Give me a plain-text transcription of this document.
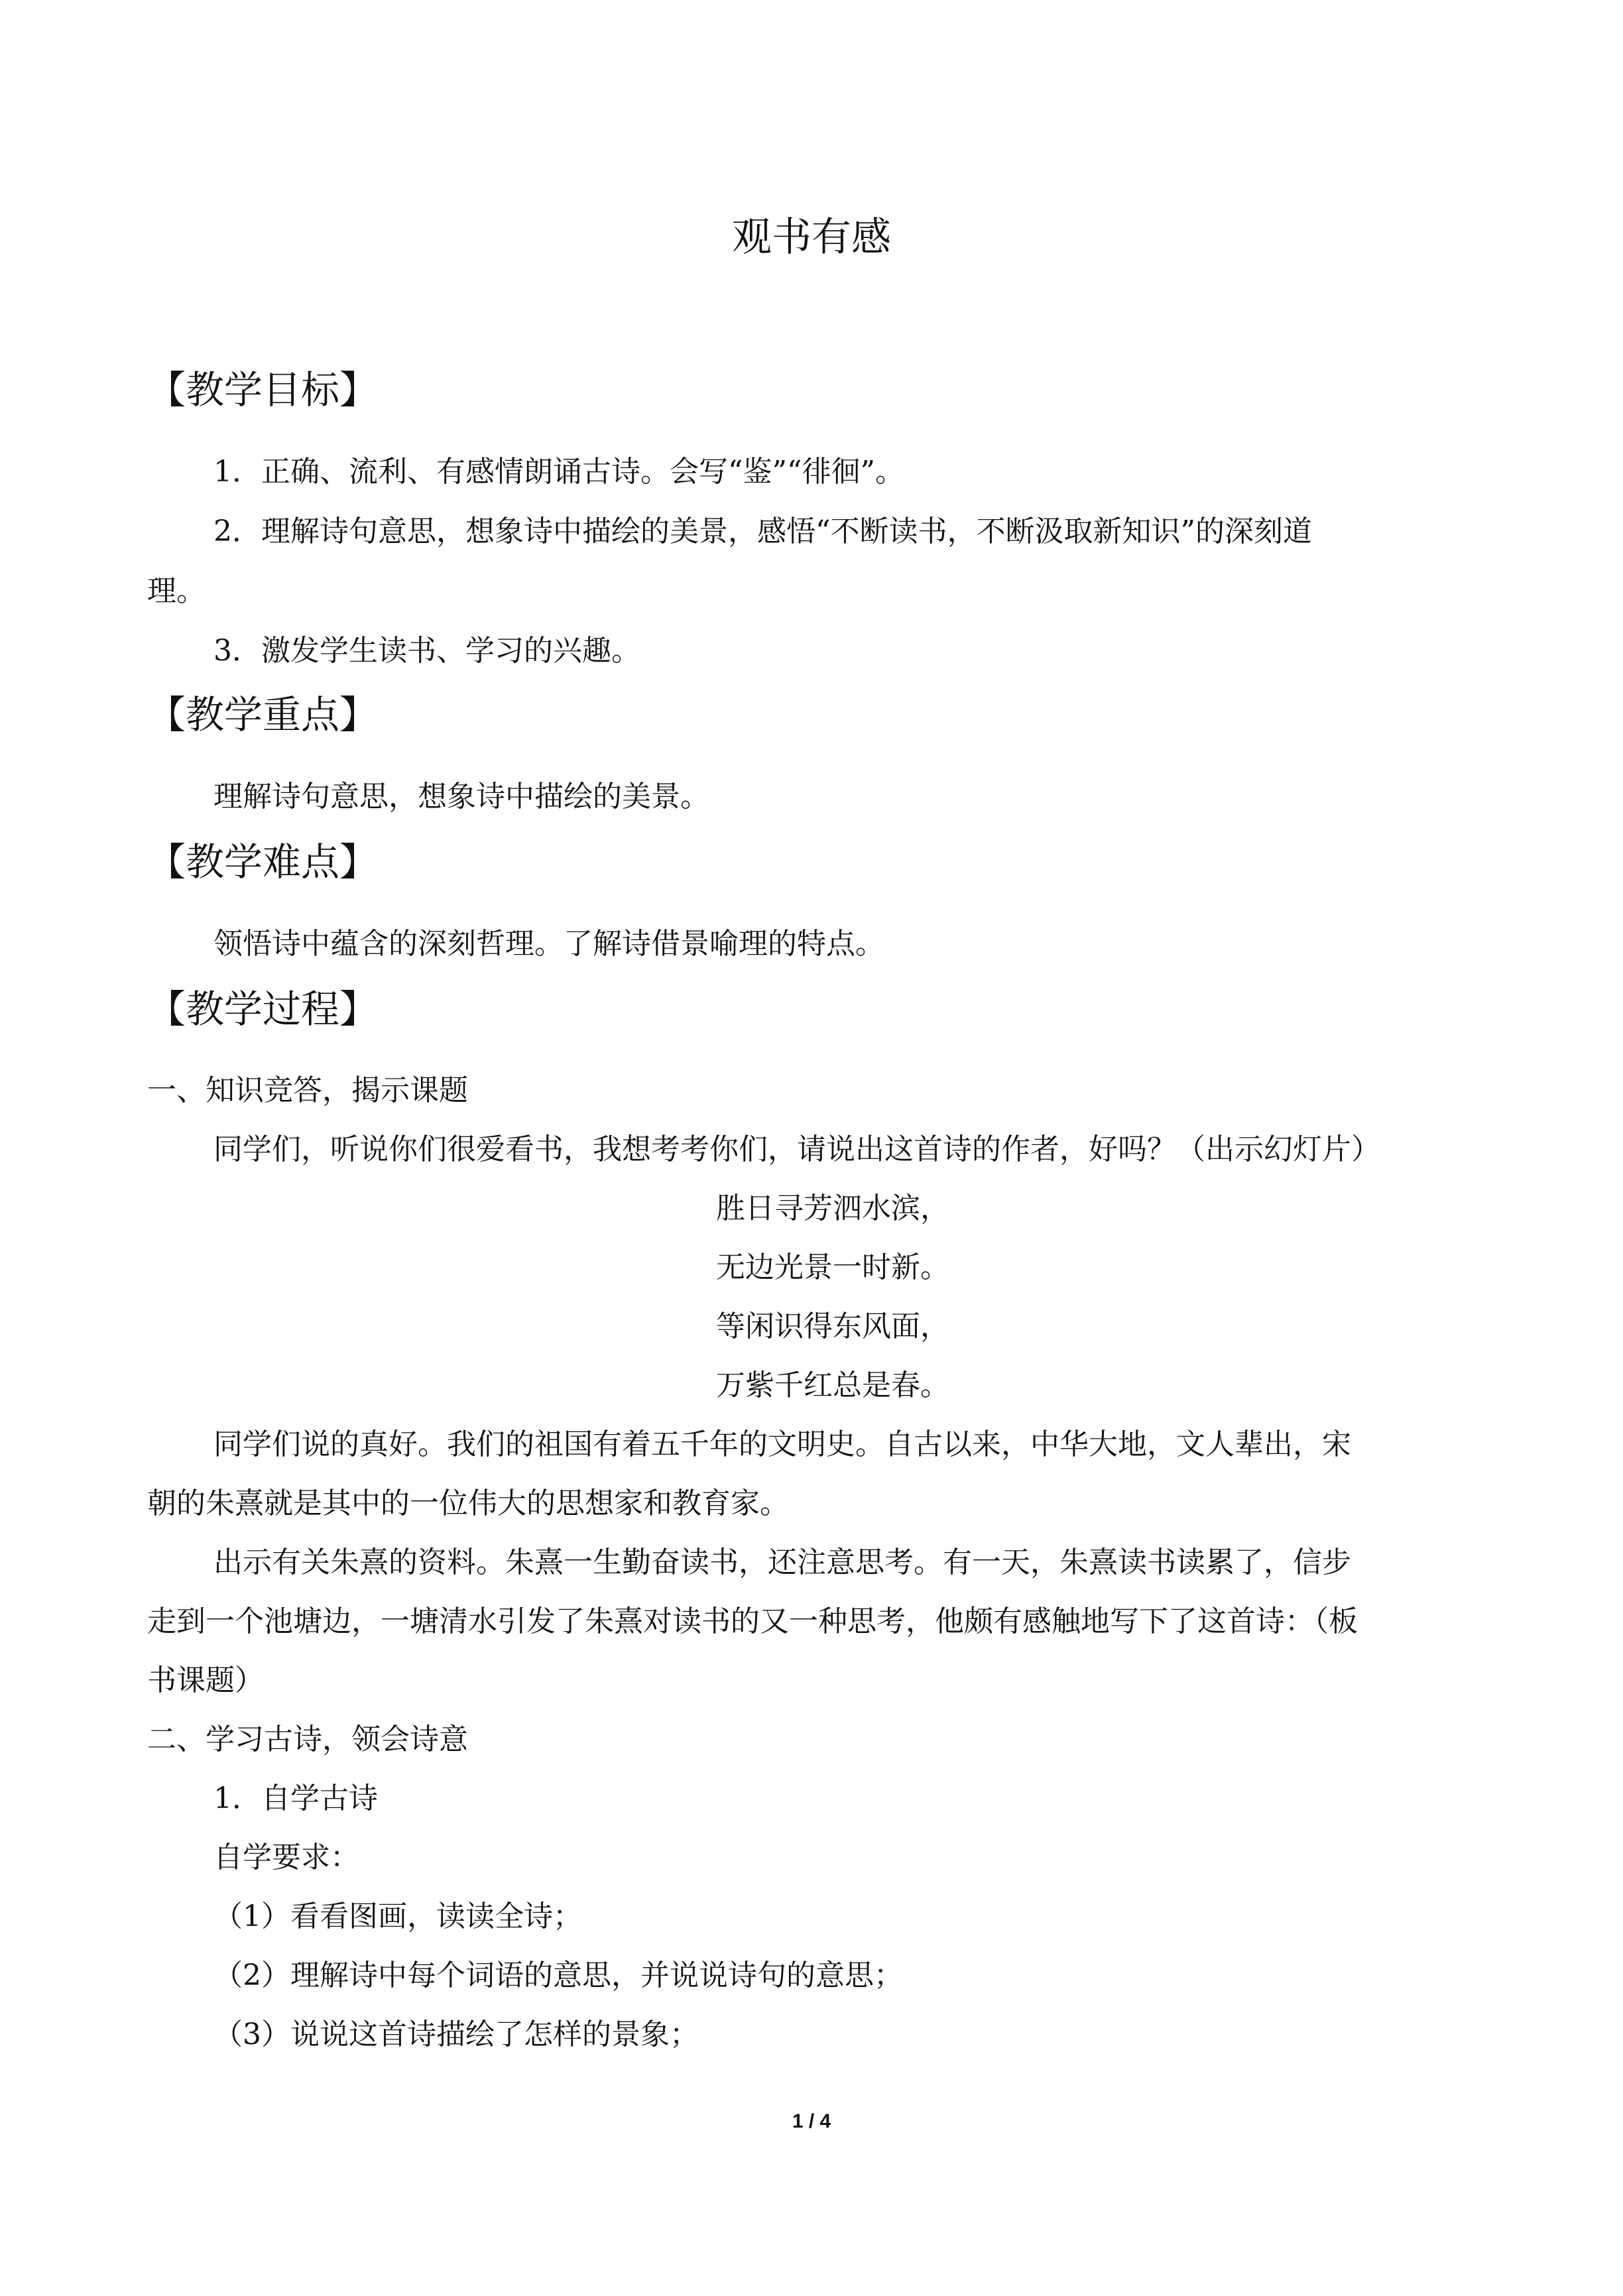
观书有感
【教学目标】
1．正确、流利、有感情朗诵古诗。会写“鉴”“徘徊”。
2．理解诗句意思，想象诗中描绘的美景，感悟“不断读书，不断汲取新知识”的深刻道
理。
3．激发学生读书、学习的兴趣。
【教学重点】
理解诗句意思，想象诗中描绘的美景。
【教学难点】
领悟诗中蕴含的深刻哲理。了解诗借景喻理的特点。
【教学过程】
一、知识竞答，揭示课题
同学们，听说你们很爱看书，我想考考你们，请说出这首诗的作者，好吗？（出示幻灯片）
胜日寻芳泗水滨，
无边光景一时新。
等闲识得东风面，
万紫千红总是春。
同学们说的真好。我们的祖国有着五千年的文明史。自古以来，中华大地，文人辈出，宋
朝的朱熹就是其中的一位伟大的思想家和教育家。
出示有关朱熹的资料。朱熹一生勤奋读书，还注意思考。有一天，朱熹读书读累了，信步
走到一个池塘边，一塘清水引发了朱熹对读书的又一种思考，他颇有感触地写下了这首诗：（板
书课题）
二、学习古诗，领会诗意
1．自学古诗
自学要求：
（1）看看图画，读读全诗；
（2）理解诗中每个词语的意思，并说说诗句的意思；
（3）说说这首诗描绘了怎样的景象；
1 / 4
